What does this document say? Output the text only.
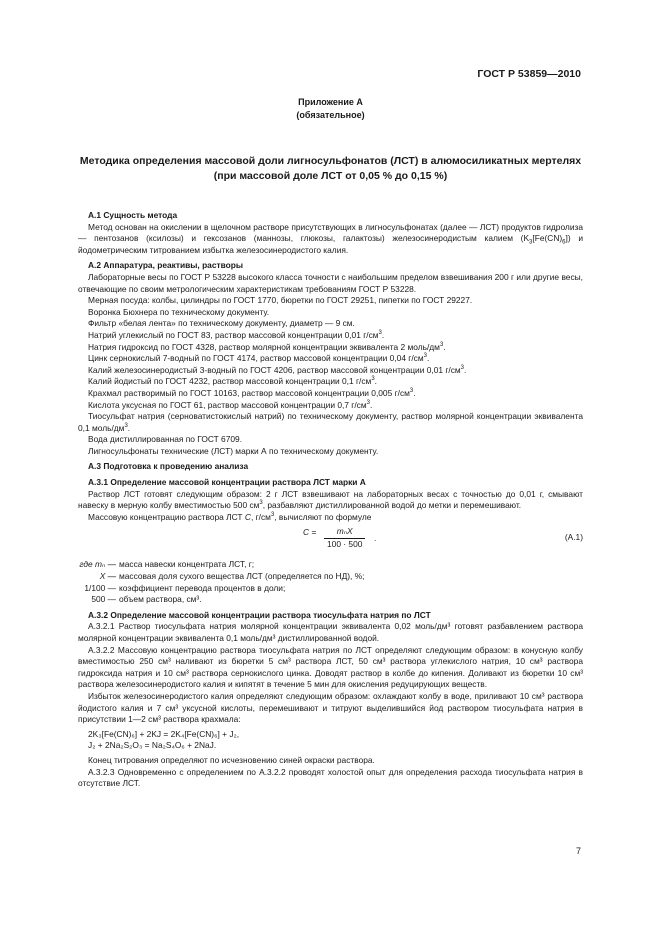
ГОСТ Р 53859—2010
Приложение А
(обязательное)
Методика определения массовой доли лигносульфонатов (ЛСТ) в алюмосиликатных мертелях
(при массовой доле ЛСТ от 0,05 % до 0,15 %)

А.1 Сущность метода

Метод основан на окислении в щелочном растворе присутствующих в лигносульфонатах (далее — ЛСТ) продуктов гидролиза — пентозанов (ксилозы) и гексозанов (маннозы, глюкозы, галактозы) железосинеродистым калием $(K_3[Fe(CN)_6])$ и йодометрическим титрованием избытка железосинеродистого калия.

А.2 Аппаратура, реактивы, растворы

Лабораторные весы по ГОСТ Р 53228 высокого класса точности с наибольшим пределом взвешивания 200 г или другие весы, отвечающие по своим метрологическим характеристикам требованиям ГОСТ Р 53228.

Мерная посуда: колбы, цилиндры по ГОСТ 1770, бюретки по ГОСТ 29251, пипетки по ГОСТ 29227.

Воронка Бюхнера по техническому документу.

Фильтр «белая лента» по техническому документу, диаметр — 9 см.

Натрий углекислый по ГОСТ 83, раствор массовой концентрации 0,01 $г/см^3$.

Натрия гидроксид по ГОСТ 4328, раствор молярной концентрации эквивалента 2 моль/$дм^3$.

Цинк сернокислый 7-водный по ГОСТ 4174, раствор массовой концентрации 0,04 $г/см^3$.

Калий железосинеродистый 3-водный по ГОСТ 4206, раствор массовой концентрации 0,01 $г/см^3$.

Калий йодистый по ГОСТ 4232, раствор массовой концентрации 0,1 $г/см^3$.

Крахмал растворимый по ГОСТ 10163, раствор массовой концентрации 0,005 $г/см^3$.

Кислота уксусная по ГОСТ 61, раствор массовой концентрации 0,7 $г/см^3$.

Тиосульфат натрия (серноватистокислый натрий) по техническому документу, раствор молярной концентрации эквивалента 0,1 моль/$дм^3$.

Вода дистиллированная по ГОСТ 6709.

Лигносульфонаты технические (ЛСТ) марки А по техническому документу.

А.3 Подготовка к проведению анализа

А.3.1 Определение массовой концентрации раствора ЛСТ марки А

Раствор ЛСТ готовят следующим образом: 2 г ЛСТ взвешивают на лабораторных весах с точностью до 0,01 г, смывают навеску в мерную колбу вместимостью 500 $см^3$, разбавляют дистиллированной водой до метки и перемешивают.

Массовую концентрацию раствора ЛСТ C, $г/см^3$, вычисляют по формуле

C =	mₙX
100 · 500
.	(А.1)
где mₙ — масса навески концентрата ЛСТ, г;
X — массовая доля сухого вещества ЛСТ (определяется по НД), %;
1/100 — коэффициент перевода процентов в доли;
500 — объем раствора, см³.

А.3.2 Определение массовой концентрации раствора тиосульфата натрия по ЛСТ

А.3.2.1 Раствор тиосульфата натрия молярной концентрации эквивалента 0,02 моль/дм³ готовят разбавлением раствора молярной концентрации эквивалента 0,1 моль/дм³ дистиллированной водой.

А.3.2.2 Массовую концентрацию раствора тиосульфата натрия по ЛСТ определяют следующим образом: в конусную колбу вместимостью 250 см³ наливают из бюретки 5 см³ раствора ЛСТ, 50 см³ раствора углекислого натрия, 10 см³ раствора гидроксида натрия и 10 см³ раствора сернокислого цинка. Доводят раствор в колбе до кипения. Доливают из бюретки 10 см³ раствора железосинеродистого калия и кипятят в течение 5 мин для окисления редуцирующих веществ.

Избыток железосинеродистого калия определяют следующим образом: охлаждают колбу в воде, приливают 10 см³ раствора йодистого калия и 7 см³ уксусной кислоты, перемешивают и титруют выделившийся йод раствором тиосульфата натрия в присутствии 1—2 см³ раствора крахмала:

2K₃[Fe(CN)₆] + 2KJ = 2K₄[Fe(CN)₆] + J₂,

J₂ + 2Na₂S₂O₃ = Na₂S₄O₆ + 2NaJ.

Конец титрования определяют по исчезновению синей окраски раствора.

А.3.2.3 Одновременно с определением по А.3.2.2 проводят холостой опыт для определения расхода тиосульфата натрия в отсутствие ЛСТ.

7
